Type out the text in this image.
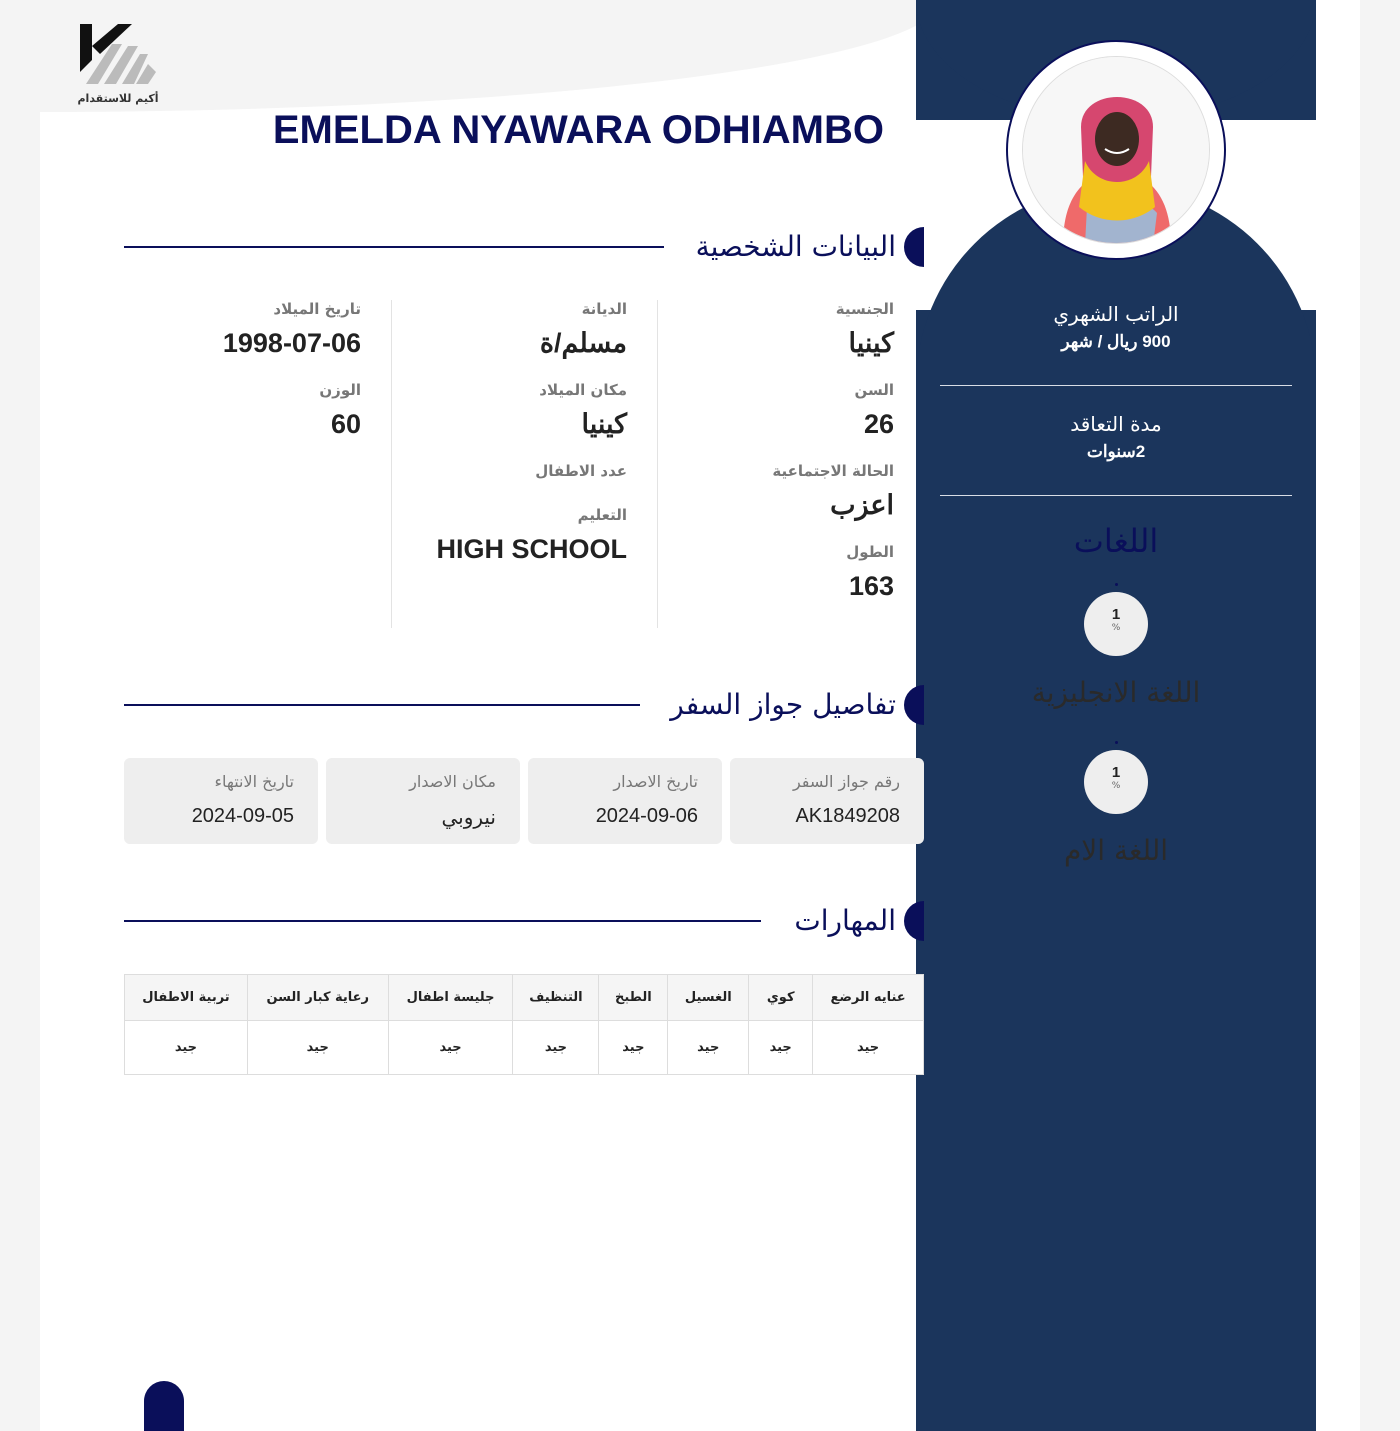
أكيم للاستقدام
الراتب الشهري
900 ريال / شهر
مدة التعاقد
2سنوات
اللغات
1
%
اللغة الانجليزية
1
%
اللغة الام
EMELDA NYAWARA ODHIAMBO
البيانات الشخصية
الجنسية
كينيا
السن
26
الحالة الاجتماعية
اعزب
الطول
163
الديانة
مسلم/ة
مكان الميلاد
كينيا
عدد الاطفال
التعليم
HIGH SCHOOL
تاريخ الميلاد
1998-07-06
الوزن
60
تفاصيل جواز السفر
رقم جواز السفر
AK1849208
تاريخ الاصدار
2024-09-06
مكان الاصدار
نيروبي
تاريخ الانتهاء
2024-09-05
المهارات
عنايه الرضع	كوي	الغسيل	الطبخ	التنظيف	جليسة اطفال	رعاية كبار السن	تربية الاطفال
جيد	جيد	جيد	جيد	جيد	جيد	جيد	جيد
